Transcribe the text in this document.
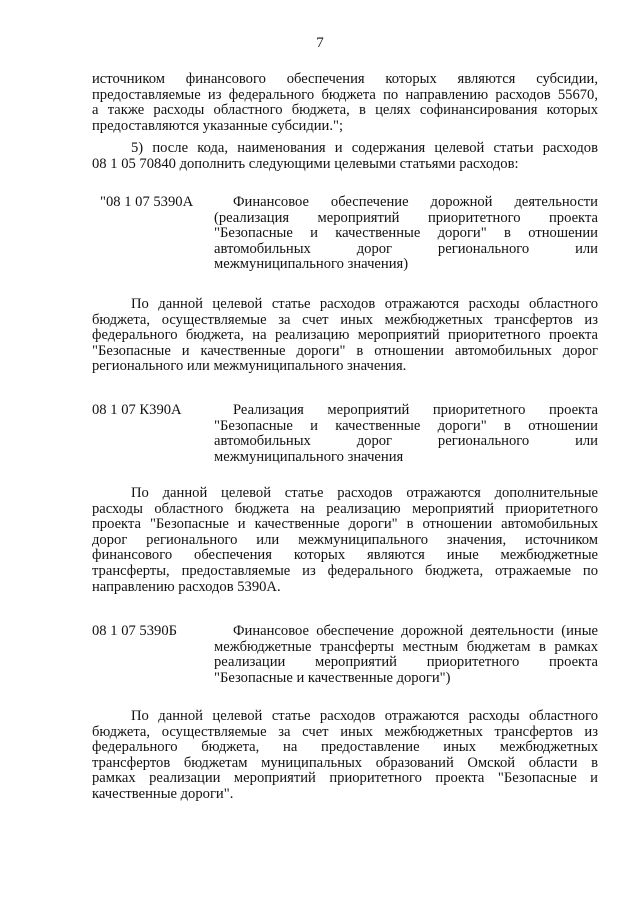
7
источником финансового обеспечения которых являются субсидии,
предоставляемые из федерального бюджета по направлению расходов 55670,
а также расходы областного бюджета, в целях софинансирования которых
предоставляются указанные субсидии.";
5) после кода, наименования и содержания целевой статьи расходов
08 1 05 70840 дополнить следующими целевыми статьями расходов:
"08 1 07 5390А	Финансовое обеспечение дорожной деятельности
(реализация мероприятий приоритетного проекта
"Безопасные и качественные дороги" в отношении
автомобильных дорог регионального или
межмуниципального значения)
По данной целевой статье расходов отражаются расходы областного
бюджета, осуществляемые за счет иных межбюджетных трансфертов из
федерального бюджета, на реализацию мероприятий приоритетного проекта
"Безопасные и качественные дороги" в отношении автомобильных дорог
регионального или межмуниципального значения.
08 1 07 К390А	Реализация мероприятий приоритетного проекта
"Безопасные и качественные дороги" в отношении
автомобильных дорог регионального или
межмуниципального значения
По данной целевой статье расходов отражаются дополнительные
расходы областного бюджета на реализацию мероприятий приоритетного
проекта "Безопасные и качественные дороги" в отношении автомобильных
дорог регионального или межмуниципального значения, источником
финансового обеспечения которых являются иные межбюджетные
трансферты, предоставляемые из федерального бюджета, отражаемые по
направлению расходов 5390А.
08 1 07 5390Б	Финансовое обеспечение дорожной деятельности (иные
межбюджетные трансферты местным бюджетам в рамках
реализации мероприятий приоритетного проекта
"Безопасные и качественные дороги")
По данной целевой статье расходов отражаются расходы областного
бюджета, осуществляемые за счет иных межбюджетных трансфертов из
федерального бюджета, на предоставление иных межбюджетных
трансфертов бюджетам муниципальных образований Омской области в
рамках реализации мероприятий приоритетного проекта "Безопасные и
качественные дороги".
